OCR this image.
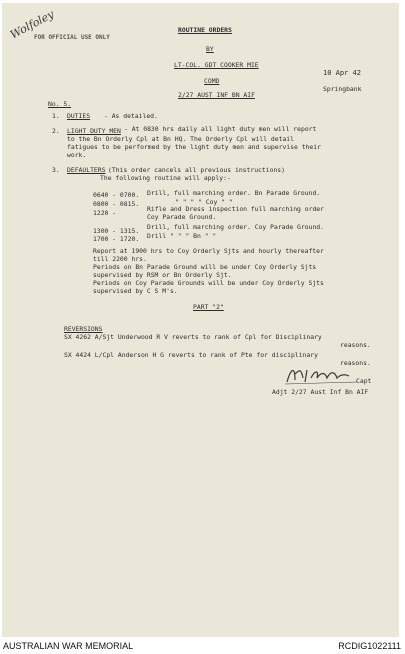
FOR OFFICIAL USE ONLY
Wolfoley	ROUTINE ORDERS
BY
LT-COL. GDT COOKER MIE
COMD
2/27 AUST INF BN AIF
10 Apr 42
Springbank
No. 5.
1. DUTIES - As detailed.
2. LIGHT DUTY MEN - At 0830 hrs daily all light duty men will report
to the Bn Orderly Cpl at Bn HQ. The Orderly Cpl will detail
fatigues to be performed by the light duty men and supervise their
work.
3. DEFAULTERS (This order cancels all previous instructions)
The following routine will apply:-
0640 - 0700. Drill, full marching order. Bn Parade Ground.
0800 - 0815.	" " " " Coy " "
1220 -	Rifle and Dress inspection full marching order
Coy Parade Ground.
1300 - 1315. Drill, full marching order. Coy Parade Ground.
1700 - 1720. Drill " " " Bn " "
Report at 1900 hrs to Coy Orderly Sjts and hourly thereafter
till 2200 hrs.
Periods on Bn Parade Ground will be under Coy Orderly Sjts
supervised by RSM or Bn Orderly Sjt.
Periods on Coy Parade Grounds will be under Coy Orderly Sjts
supervised by C S M's.
PART "2"
REVERSIONS
SX 4262 A/Sjt Underwood R V reverts to rank of Cpl for Disciplinary
reasons.
SX 4424 L/Cpl Anderson H G reverts to rank of Pte for disciplinary
reasons.
Capt
Adjt 2/27 Aust Inf Bn AIF
AUSTRALIAN WAR MEMORIAL	RCDIG1022111
